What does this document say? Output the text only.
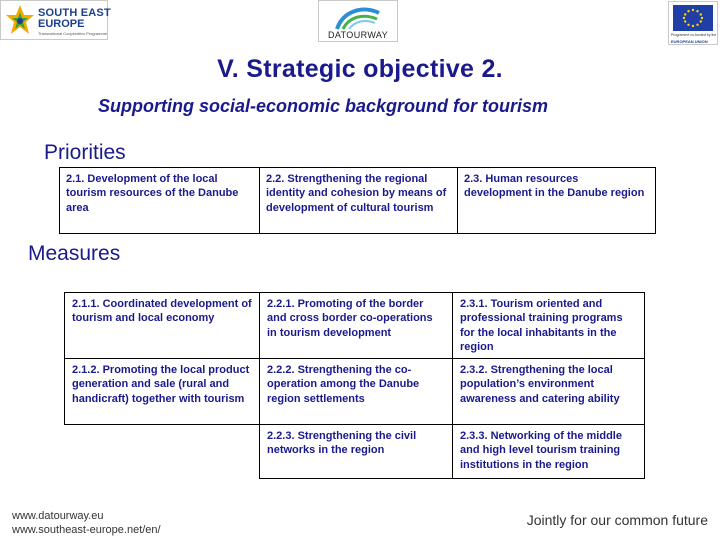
SOUTH EAST
EUROPE
Transnational Cooperation Programme	DATOURWAY	Programme co-funded by the
EUROPEAN UNION
V. Strategic objective 2.
Supporting social-economic background for tourism
Priorities
2.1. Development of the local tourism resources of the Danube area	2.2. Strengthening the regional identity and cohesion by means of development of cultural tourism	2.3. Human resources development in the Danube region
Measures
2.1.1. Coordinated development of tourism and local economy	2.2.1. Promoting of the border and cross border co-operations in tourism development	2.3.1. Tourism oriented and professional training programs for the local inhabitants in the region
2.1.2. Promoting the local product generation and sale (rural and handicraft) together with tourism	2.2.2. Strengthening the co-operation among the Danube region settlements	2.3.2. Strengthening the local population’s environment awareness and catering ability
	2.2.3. Strengthening the civil networks in the region	2.3.3. Networking of the middle and high level tourism training institutions in the region
www.datourway.eu
www.southeast-europe.net/en/
Jointly for our common future
